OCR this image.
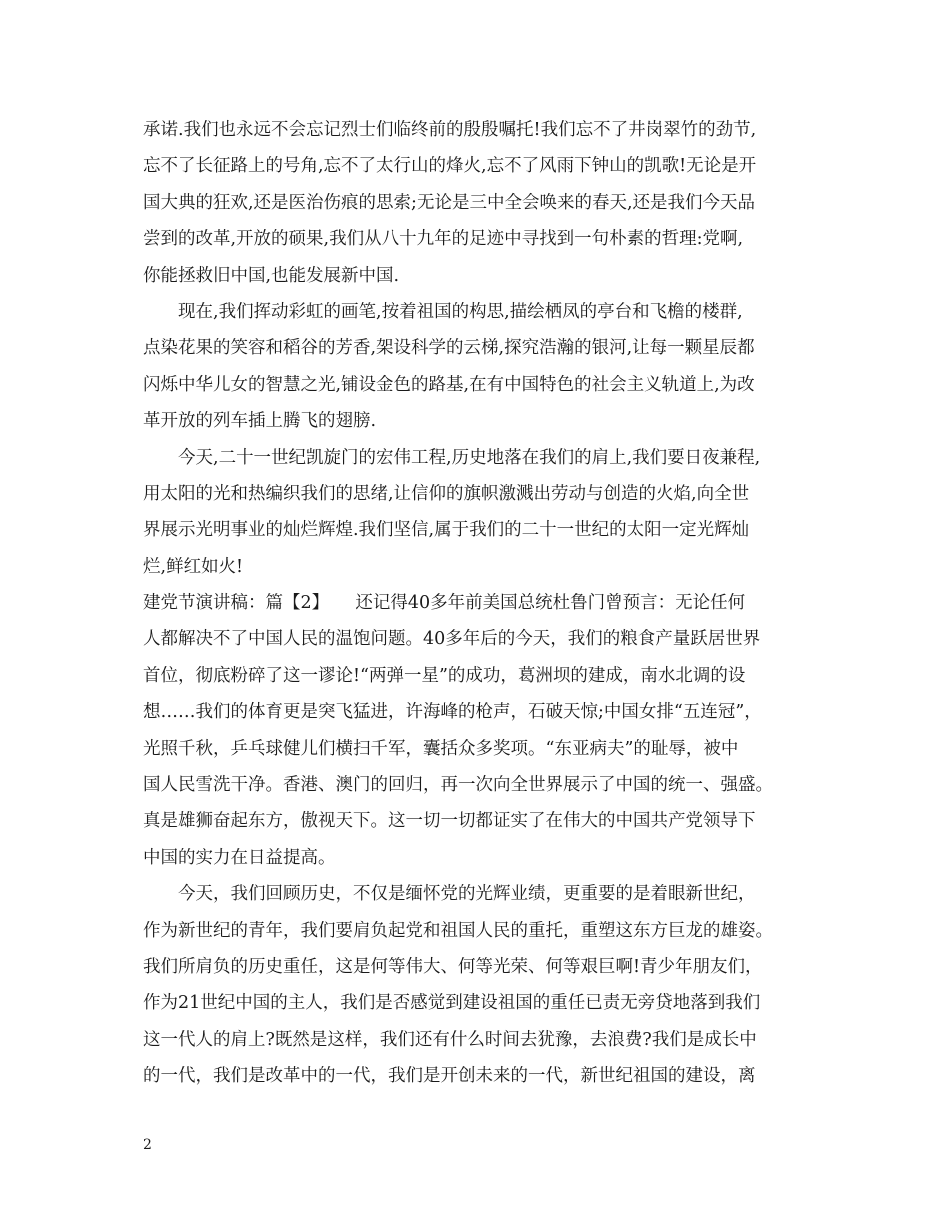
承诺.我们也永远不会忘记烈士们临终前的殷殷嘱托!我们忘不了井岗翠竹的劲节,
忘不了长征路上的号角,忘不了太行山的烽火,忘不了风雨下钟山的凯歌!无论是开
国大典的狂欢,还是医治伤痕的思索;无论是三中全会唤来的春天,还是我们今天品
尝到的改革,开放的硕果,我们从八十九年的足迹中寻找到一句朴素的哲理:党啊,
你能拯救旧中国,也能发展新中国.
现在,我们挥动彩虹的画笔,按着祖国的构思,描绘栖凤的亭台和飞檐的楼群,
点染花果的笑容和稻谷的芳香,架设科学的云梯,探究浩瀚的银河,让每一颗星辰都
闪烁中华儿女的智慧之光,铺设金色的路基,在有中国特色的社会主义轨道上,为改
革开放的列车插上腾飞的翅膀.
今天,二十一世纪凯旋门的宏伟工程,历史地落在我们的肩上,我们要日夜兼程,
用太阳的光和热编织我们的思绪,让信仰的旗帜激溅出劳动与创造的火焰,向全世
界展示光明事业的灿烂辉煌.我们坚信,属于我们的二十一世纪的太阳一定光辉灿
烂,鲜红如火!
建党节演讲稿：篇【2】　　还记得40多年前美国总统杜鲁门曾预言：无论任何
人都解决不了中国人民的温饱问题。40多年后的今天，我们的粮食产量跃居世界
首位，彻底粉碎了这一谬论!“两弹一星”的成功，葛洲坝的建成，南水北调的设
想……我们的体育更是突飞猛进，许海峰的枪声，石破天惊;中国女排“五连冠”，
光照千秋，乒乓球健儿们横扫千军，囊括众多奖项。“东亚病夫”的耻辱，被中
国人民雪洗干净。香港、澳门的回归，再一次向全世界展示了中国的统一、强盛。
真是雄狮奋起东方，傲视天下。这一切一切都证实了在伟大的中国共产党领导下
中国的实力在日益提高。
今天，我们回顾历史，不仅是缅怀党的光辉业绩，更重要的是着眼新世纪，
作为新世纪的青年，我们要肩负起党和祖国人民的重托，重塑这东方巨龙的雄姿。
我们所肩负的历史重任，这是何等伟大、何等光荣、何等艰巨啊!青少年朋友们，
作为21世纪中国的主人，我们是否感觉到建设祖国的重任已责无旁贷地落到我们
这一代人的肩上?既然是这样，我们还有什么时间去犹豫，去浪费?我们是成长中
的一代，我们是改革中的一代，我们是开创未来的一代，新世纪祖国的建设，离
2
